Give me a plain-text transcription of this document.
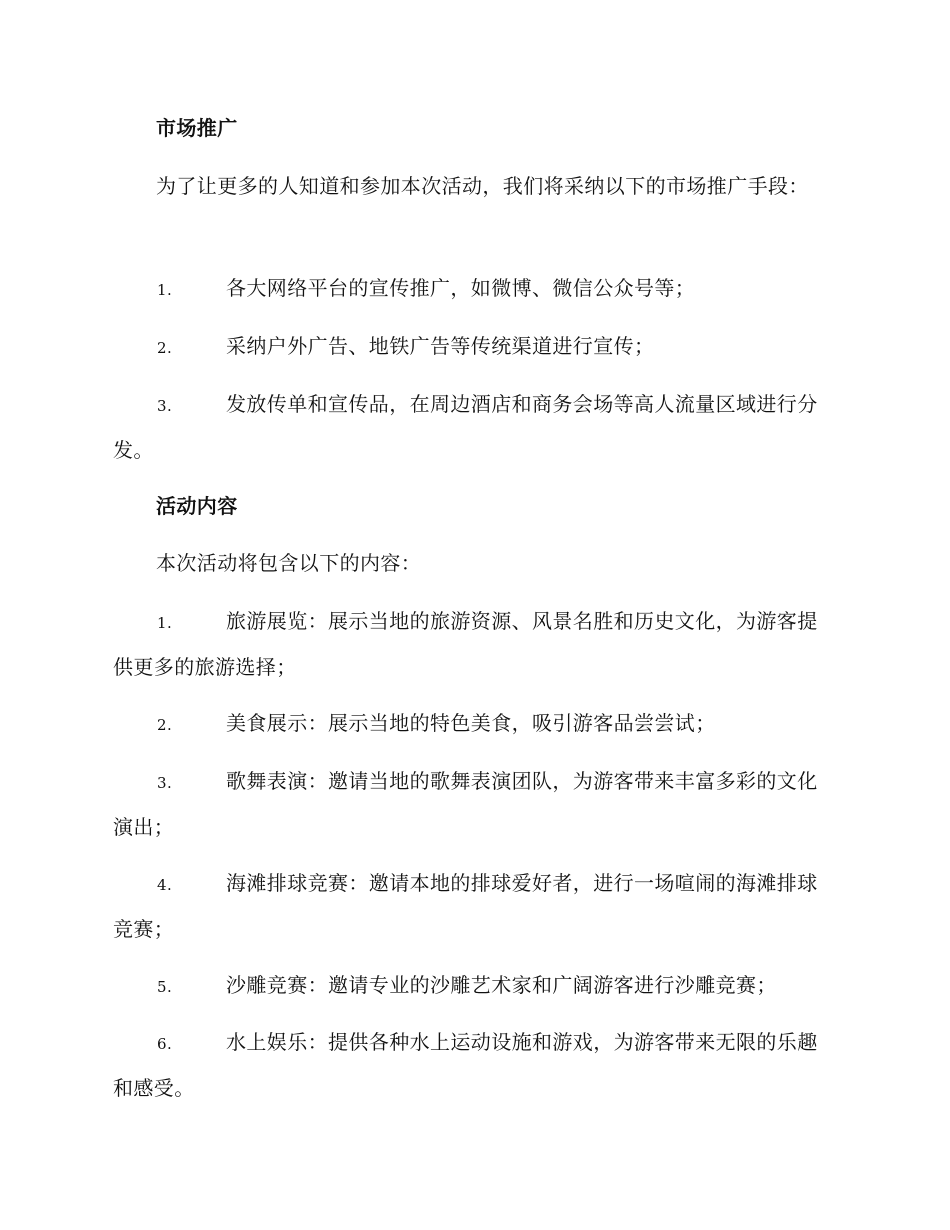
市场推广
为了让更多的人知道和参加本次活动，我们将采纳以下的市场推广手段：
1.	各大网络平台的宣传推广，如微博、微信公众号等；
2.	采纳户外广告、地铁广告等传统渠道进行宣传；
3.	发放传单和宣传品，在周边酒店和商务会场等高人流量区域进行分发。
活动内容
本次活动将包含以下的内容：
1.	旅游展览：展示当地的旅游资源、风景名胜和历史文化，为游客提供更多的旅游选择；
2.	美食展示：展示当地的特色美食，吸引游客品尝尝试；
3.	歌舞表演：邀请当地的歌舞表演团队，为游客带来丰富多彩的文化演出；
4.	海滩排球竞赛：邀请本地的排球爱好者，进行一场喧闹的海滩排球竞赛；
5.	沙雕竞赛：邀请专业的沙雕艺术家和广阔游客进行沙雕竞赛；
6.	水上娱乐：提供各种水上运动设施和游戏，为游客带来无限的乐趣和感受。
